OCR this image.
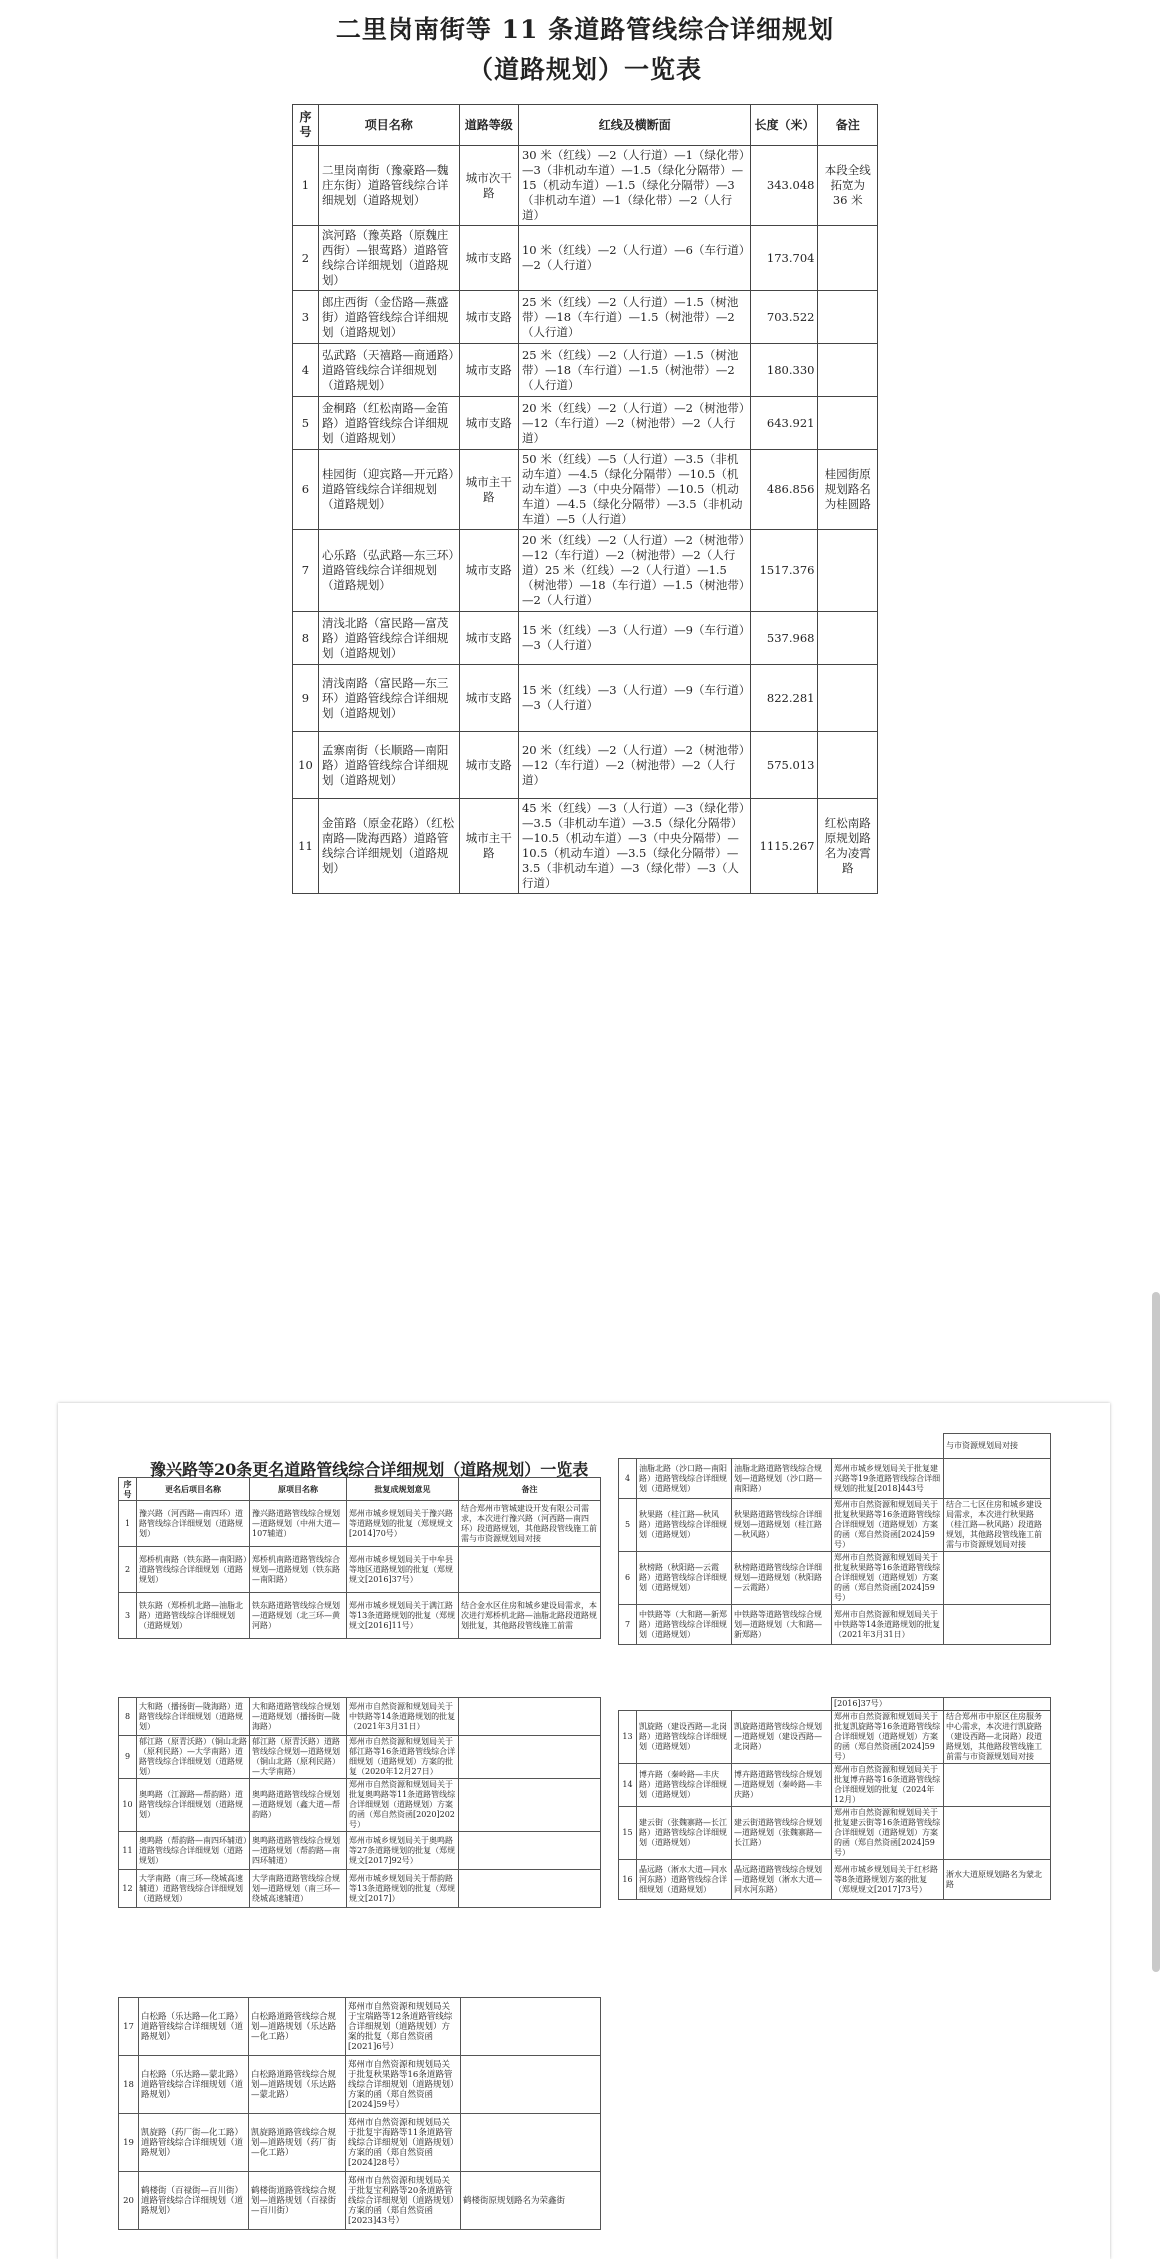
二里岗南街等 11 条道路管线综合详细规划
（道路规划）一览表
序号	项目名称	道路等级	红线及横断面	长度（米）	备注
1	二里岗南街（豫豪路—魏庄东街）道路管线综合详细规划（道路规划）	城市次干路	30 米（红线）—2（人行道）—1（绿化带）—3（非机动车道）—1.5（绿化分隔带）—15（机动车道）—1.5（绿化分隔带）—3（非机动车道）—1（绿化带）—2（人行道）	343.048	本段全线拓宽为 36 米
2	滨河路（豫英路（原魏庄西街）—银莺路）道路管线综合详细规划（道路规划）	城市支路	10 米（红线）—2（人行道）—6（车行道）—2（人行道）	173.704	
3	郎庄西街（金岱路—燕盛街）道路管线综合详细规划（道路规划）	城市支路	25 米（红线）—2（人行道）—1.5（树池带）—18（车行道）—1.5（树池带）—2（人行道）	703.522	
4	弘武路（天禧路—商通路）道路管线综合详细规划（道路规划）	城市支路	25 米（红线）—2（人行道）—1.5（树池带）—18（车行道）—1.5（树池带）—2（人行道）	180.330	
5	金桐路（红松南路—金笛路）道路管线综合详细规划（道路规划）	城市支路	20 米（红线）—2（人行道）—2（树池带）—12（车行道）—2（树池带）—2（人行道）	643.921	
6	桂园街（迎宾路—开元路）道路管线综合详细规划（道路规划）	城市主干路	50 米（红线）—5（人行道）—3.5（非机动车道）—4.5（绿化分隔带）—10.5（机动车道）—3（中央分隔带）—10.5（机动车道）—4.5（绿化分隔带）—3.5（非机动车道）—5（人行道）	486.856	桂园街原规划路名为桂圆路
7	心乐路（弘武路—东三环）道路管线综合详细规划（道路规划）	城市支路	20 米（红线）—2（人行道）—2（树池带）—12（车行道）—2（树池带）—2（人行道）25 米（红线）—2（人行道）—1.5（树池带）—18（车行道）—1.5（树池带）—2（人行道）	1517.376	
8	清浅北路（富民路—富茂路）道路管线综合详细规划（道路规划）	城市支路	15 米（红线）—3（人行道）—9（车行道）—3（人行道）	537.968	
9	清浅南路（富民路—东三环）道路管线综合详细规划（道路规划）	城市支路	15 米（红线）—3（人行道）—9（车行道）—3（人行道）	822.281	
10	孟寨南街（长顺路—南阳路）道路管线综合详细规划（道路规划）	城市支路	20 米（红线）—2（人行道）—2（树池带）—12（车行道）—2（树池带）—2（人行道）	575.013	
11	金笛路（原金花路）（红松南路—陇海西路）道路管线综合详细规划（道路规划）	城市主干路	45 米（红线）—3（人行道）—3（绿化带）—3.5（非机动车道）—3.5（绿化分隔带）—10.5（机动车道）—3（中央分隔带）—10.5（机动车道）—3.5（绿化分隔带）—3.5（非机动车道）—3（绿化带）—3（人行道）	1115.267	红松南路原规划路名为凌霄路
豫兴路等20条更名道路管线综合详细规划（道路规划）一览表
序号	更名后项目名称	原项目名称	批复成规划意见	备注
1	豫兴路（河西路—南四环）道路管线综合详细规划（道路规划）	豫兴路道路管线综合规划—道路规划（中州大道—107辅道）	郑州市城乡规划局关于豫兴路等道路规划的批复（郑规规文[2014]70号）	结合郑州市管城建设开发有限公司需求，本次进行豫兴路（河西路—南四环）段道路规划，其他路段管线施工前需与市资源规划局对接
2	郑桥机南路（铁东路—南阳路）道路管线综合详细规划（道路规划）	郑桥机南路道路管线综合规划—道路规划（铁东路—南阳路）	郑州市城乡规划局关于中牟县等地区道路规划的批复（郑规规文[2016]37号）	
3	铁东路（郑桥机北路—油脂北路）道路管线综合详细规划（道路规划）	铁东路道路管线综合规划—道路规划（北三环—黄河路）	郑州市城乡规划局关于满江路等13条道路规划的批复（郑规规文[2016]11号）	结合金水区住房和城乡建设局需求，本次进行郑桥机北路—油脂北路段道路规划批复，其他路段管线施工前需
				与市资源规划局对接
4	油脂北路（沙口路—南阳路）道路管线综合详细规划（道路规划）	油脂北路道路管线综合规划—道路规划（沙口路—南阳路）	郑州市城乡规划局关于批复建兴路等19条道路管线综合详细规划的批复[2018]443号	
5	秋果路（桂江路—秋风路）道路管线综合详细规划（道路规划）	秋果路道路管线综合详细规划—道路规划（桂江路—秋风路）	郑州市自然资源和规划局关于批复秋果路等16条道路管线综合详细规划（道路规划）方案的函（郑自然资函[2024]59号）	结合二七区住房和城乡建设局需求，本次进行秋果路（桂江路—秋风路）段道路规划，其他路段管线施工前需与市资源规划局对接
6	秋榜路（秋阳路—云霞路）道路管线综合详细规划（道路规划）	秋榜路道路管线综合详细规划—道路规划（秋阳路—云霞路）	郑州市自然资源和规划局关于批复秋果路等16条道路管线综合详细规划（道路规划）方案的函（郑自然资函[2024]59号）	
7	中铁路等（大和路—新郑路）道路管线综合详细规划（道路规划）	中铁路等道路管线综合规划—道路规划（大和路—新郑路）	郑州市自然资源和规划局关于中铁路等14条道路规划的批复（2021年3月31日）	
8	大和路（播扬街—陇海路）道路管线综合详细规划（道路规划）	大和路道路管线综合规划—道路规划（播扬街—陇海路）	郑州市自然资源和规划局关于中铁路等14条道路规划的批复（2021年3月31日）	
9	郁江路（原青沃路）（铜山北路（原利民路）—大学南路）道路管线综合详细规划（道路规划）	郁江路（原青沃路）道路管线综合规划—道路规划（铜山北路（原利民路）—大学南路）	郑州市自然资源和规划局关于郁江路等16条道路管线综合详细规划（道路规划）方案的批复（2020年12月27日）	
10	奥鸣路（江源路—帮韵路）道路管线综合详细规划（道路规划）	奥鸣路道路管线综合规划—道路规划（鑫大道—帮韵路）	郑州市自然资源和规划局关于批复奥鸣路等11条道路管线综合详细规划（道路规划）方案的函（郑自然资函[2020]202号）	
11	奥鸣路（帮韵路—南四环辅道）道路管线综合详细规划（道路规划）	奥鸣路道路管线综合规划—道路规划（帮韵路—南四环辅道）	郑州市城乡规划局关于奥鸣路等27条道路规划的批复（郑规规文[2017]92号）	
12	大学南路（南三环—绕城高速辅道）道路管线综合详细规划（道路规划）	大学南路道路管线综合规划—道路规划（南三环—绕城高速辅道）	郑州市城乡规划局关于帮韵路等13条道路规划的批复（郑规规文[2017]）	
			[2016]37号）	
13	凯旋路（建设西路—北岗路）道路管线综合详细规划（道路规划）	凯旋路道路管线综合规划—道路规划（建设西路—北岗路）	郑州市自然资源和规划局关于批复凯旋路等16条道路管线综合详细规划（道路规划）方案的函（郑自然资函[2024]59号）	结合郑州市中原区住房服务中心需求，本次进行凯旋路（建设西路—北岗路）段道路规划，其他路段管线施工前需与市资源规划局对接
14	博卉路（秦岭路—丰庆路）道路管线综合详细规划（道路规划）	博卉路道路管线综合规划—道路规划（秦岭路—丰庆路）	郑州市自然资源和规划局关于批复博卉路等16条道路管线综合详细规划的批复（2024年12月）	
15	建云街（张魏寨路—长江路）道路管线综合详细规划（道路规划）	建云街道路管线综合规划—道路规划（张魏寨路—长江路）	郑州市自然资源和规划局关于批复建云街等16条道路管线综合详细规划（道路规划）方案的函（郑自然资函[2024]59号）	
16	晶远路（淅水大道—同水河东路）道路管线综合详细规划（道路规划）	晶远路道路管线综合规划—道路规划（淅水大道—同水河东路）	郑州市城乡规划局关于红杉路等8条道路规划方案的批复（郑规规文[2017]73号）	淅水大道原规划路名为蒙北路
17	白松路（乐达路—化工路）道路管线综合详细规划（道路规划）	白松路道路管线综合规划—道路规划（乐达路—化工路）	郑州市自然资源和规划局关于宝瑞路等12条道路管线综合详细规划（道路规划）方案的批复（郑自然资函[2021]6号）	
18	白松路（乐达路—蒙北路）道路管线综合详细规划（道路规划）	白松路道路管线综合规划—道路规划（乐达路—蒙北路）	郑州市自然资源和规划局关于批复秋果路等16条道路管线综合详细规划（道路规划）方案的函（郑自然资函[2024]59号）	
19	凯旋路（药厂街—化工路）道路管线综合详细规划（道路规划）	凯旋路道路管线综合规划—道路规划（药厂街—化工路）	郑州市自然资源和规划局关于批复宇海路等11条道路管线综合详细规划（道路规划）方案的函（郑自然资函[2024]28号）	
20	鹤楼街（百禄街—百川街）道路管线综合详细规划（道路规划）	鹤楼街道路管线综合规划—道路规划（百禄街—百川街）	郑州市自然资源和规划局关于批复宝利路等20条道路管线综合详细规划（道路规划）方案的函（郑自然资函[2023]43号）	鹤楼街原规划路名为荣鑫街
